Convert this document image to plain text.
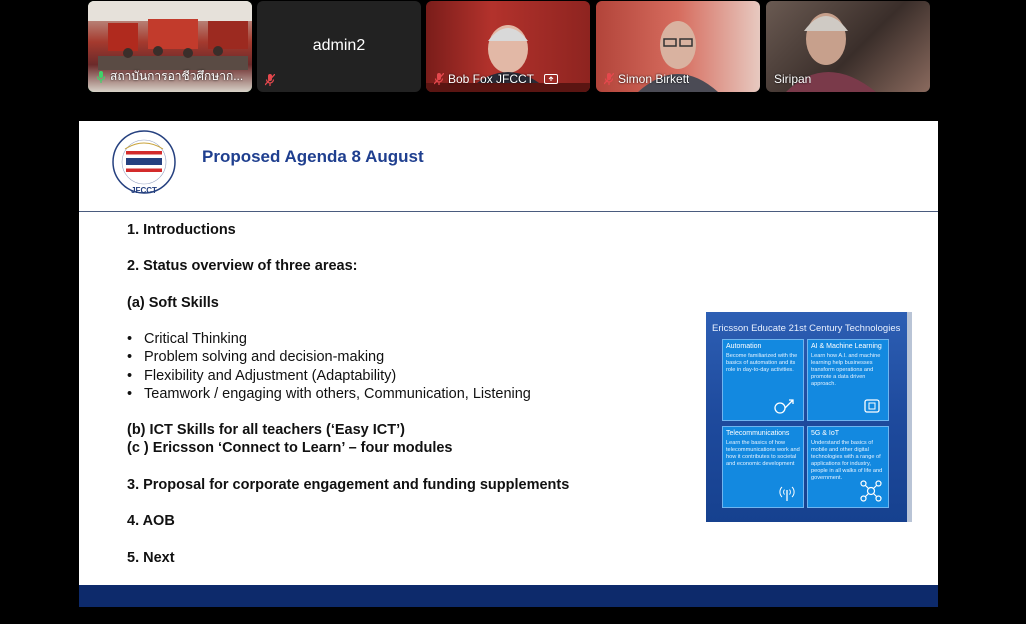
สถาบันการอาชีวศึกษาก...
admin2
Bob Fox JFCCT	Simon Birkett	Siripan
JFCCT
Proposed Agenda 8 August
1. Introductions
2. Status overview of three areas:
(a) Soft Skills
• Critical Thinking
• Problem solving and decision-making
• Flexibility and Adjustment (Adaptability)
• Teamwork / engaging with others, Communication, Listening
(b) ICT Skills for all teachers (‘Easy ICT’)
(c ) Ericsson ‘Connect to Learn’ – four modules
3. Proposal for corporate engagement and funding supplements
4. AOB
5. Next
Ericsson Educate 21st Century Technologies
Automation
Become familiarized with the basics of automation and its role in day-to-day activities.
AI & Machine Learning
Learn how A.I. and machine learning help businesses transform operations and promote a data driven approach.
Telecommunications
Learn the basics of how telecommunications work and how it contributes to societal and economic development
5G & IoT
Understand the basics of mobile and other digital technologies with a range of applications for industry, people in all walks of life and government.
